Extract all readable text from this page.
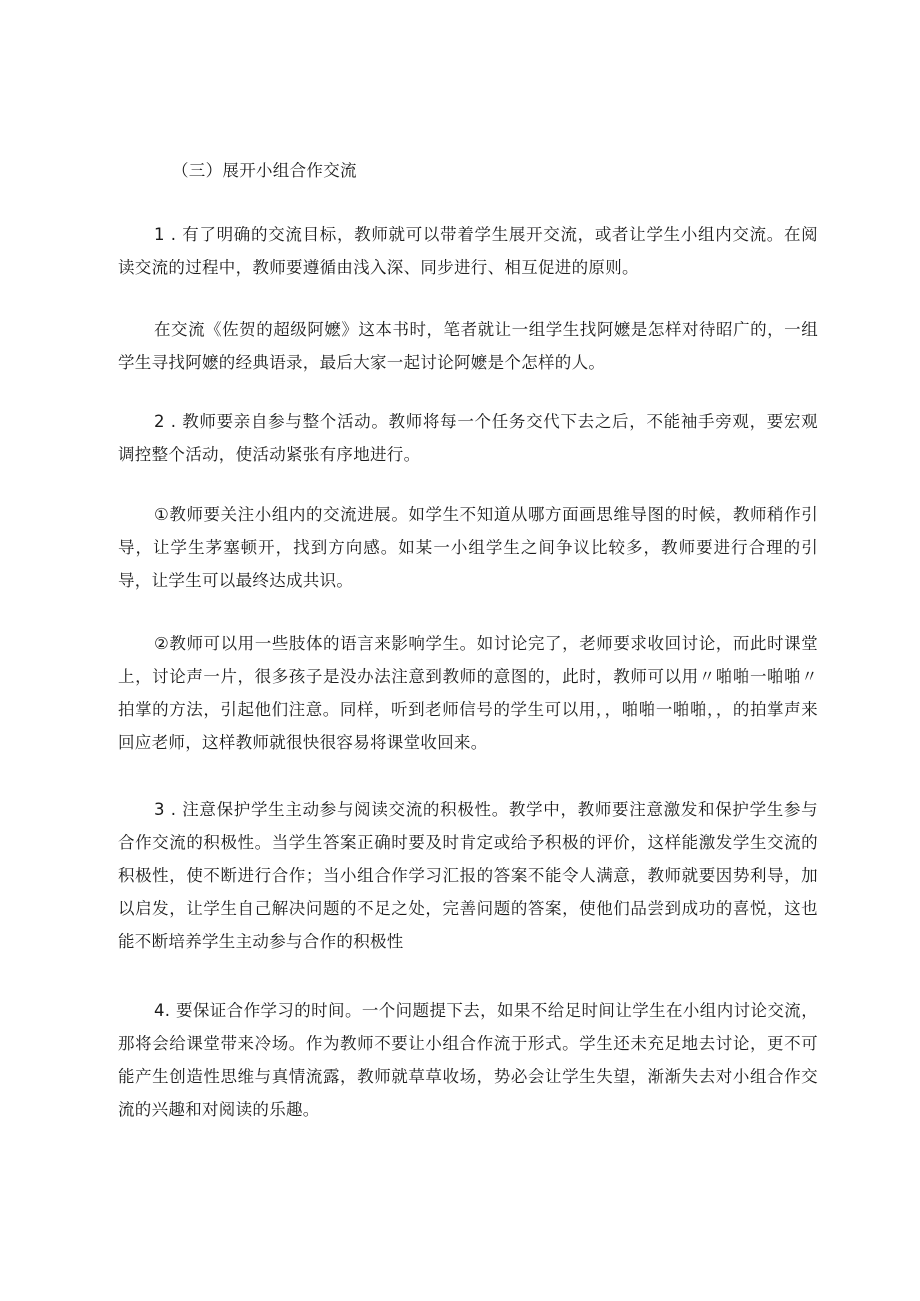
（三）展开小组合作交流

1 . 有了明确的交流目标，教师就可以带着学生展开交流，或者让学生小组内交流。在阅读交流的过程中，教师要遵循由浅入深、同步进行、相互促进的原则。

在交流《佐贺的超级阿嬷》这本书时，笔者就让一组学生找阿嬷是怎样对待昭广的，一组学生寻找阿嬷的经典语录，最后大家一起讨论阿嬷是个怎样的人。

2 . 教师要亲自参与整个活动。教师将每一个任务交代下去之后，不能袖手旁观，要宏观调控整个活动，使活动紧张有序地进行。

①教师要关注小组内的交流进展。如学生不知道从哪方面画思维导图的时候，教师稍作引导，让学生茅塞顿开，找到方向感。如某一小组学生之间争议比较多，教师要进行合理的引导，让学生可以最终达成共识。

②教师可以用一些肢体的语言来影响学生。如讨论完了，老师要求收回讨论，而此时课堂上，讨论声一片，很多孩子是没办法注意到教师的意图的，此时，教师可以用〃啪啪一啪啪〃拍掌的方法，引起他们注意。同样，听到老师信号的学生可以用，，啪啪一啪啪，，的拍掌声来回应老师，这样教师就很快很容易将课堂收回来。

3 . 注意保护学生主动参与阅读交流的积极性。教学中，教师要注意激发和保护学生参与合作交流的积极性。当学生答案正确时要及时肯定或给予积极的评价，这样能激发学生交流的积极性，使不断进行合作；当小组合作学习汇报的答案不能令人满意，教师就要因势利导，加以启发，让学生自己解决问题的不足之处，完善问题的答案，使他们品尝到成功的喜悦，这也能不断培养学生主动参与合作的积极性

4. 要保证合作学习的时间。一个问题提下去，如果不给足时间让学生在小组内讨论交流，那将会给课堂带来冷场。作为教师不要让小组合作流于形式。学生还未充足地去讨论，更不可能产生创造性思维与真情流露，教师就草草收场，势必会让学生失望，渐渐失去对小组合作交流的兴趣和对阅读的乐趣。
